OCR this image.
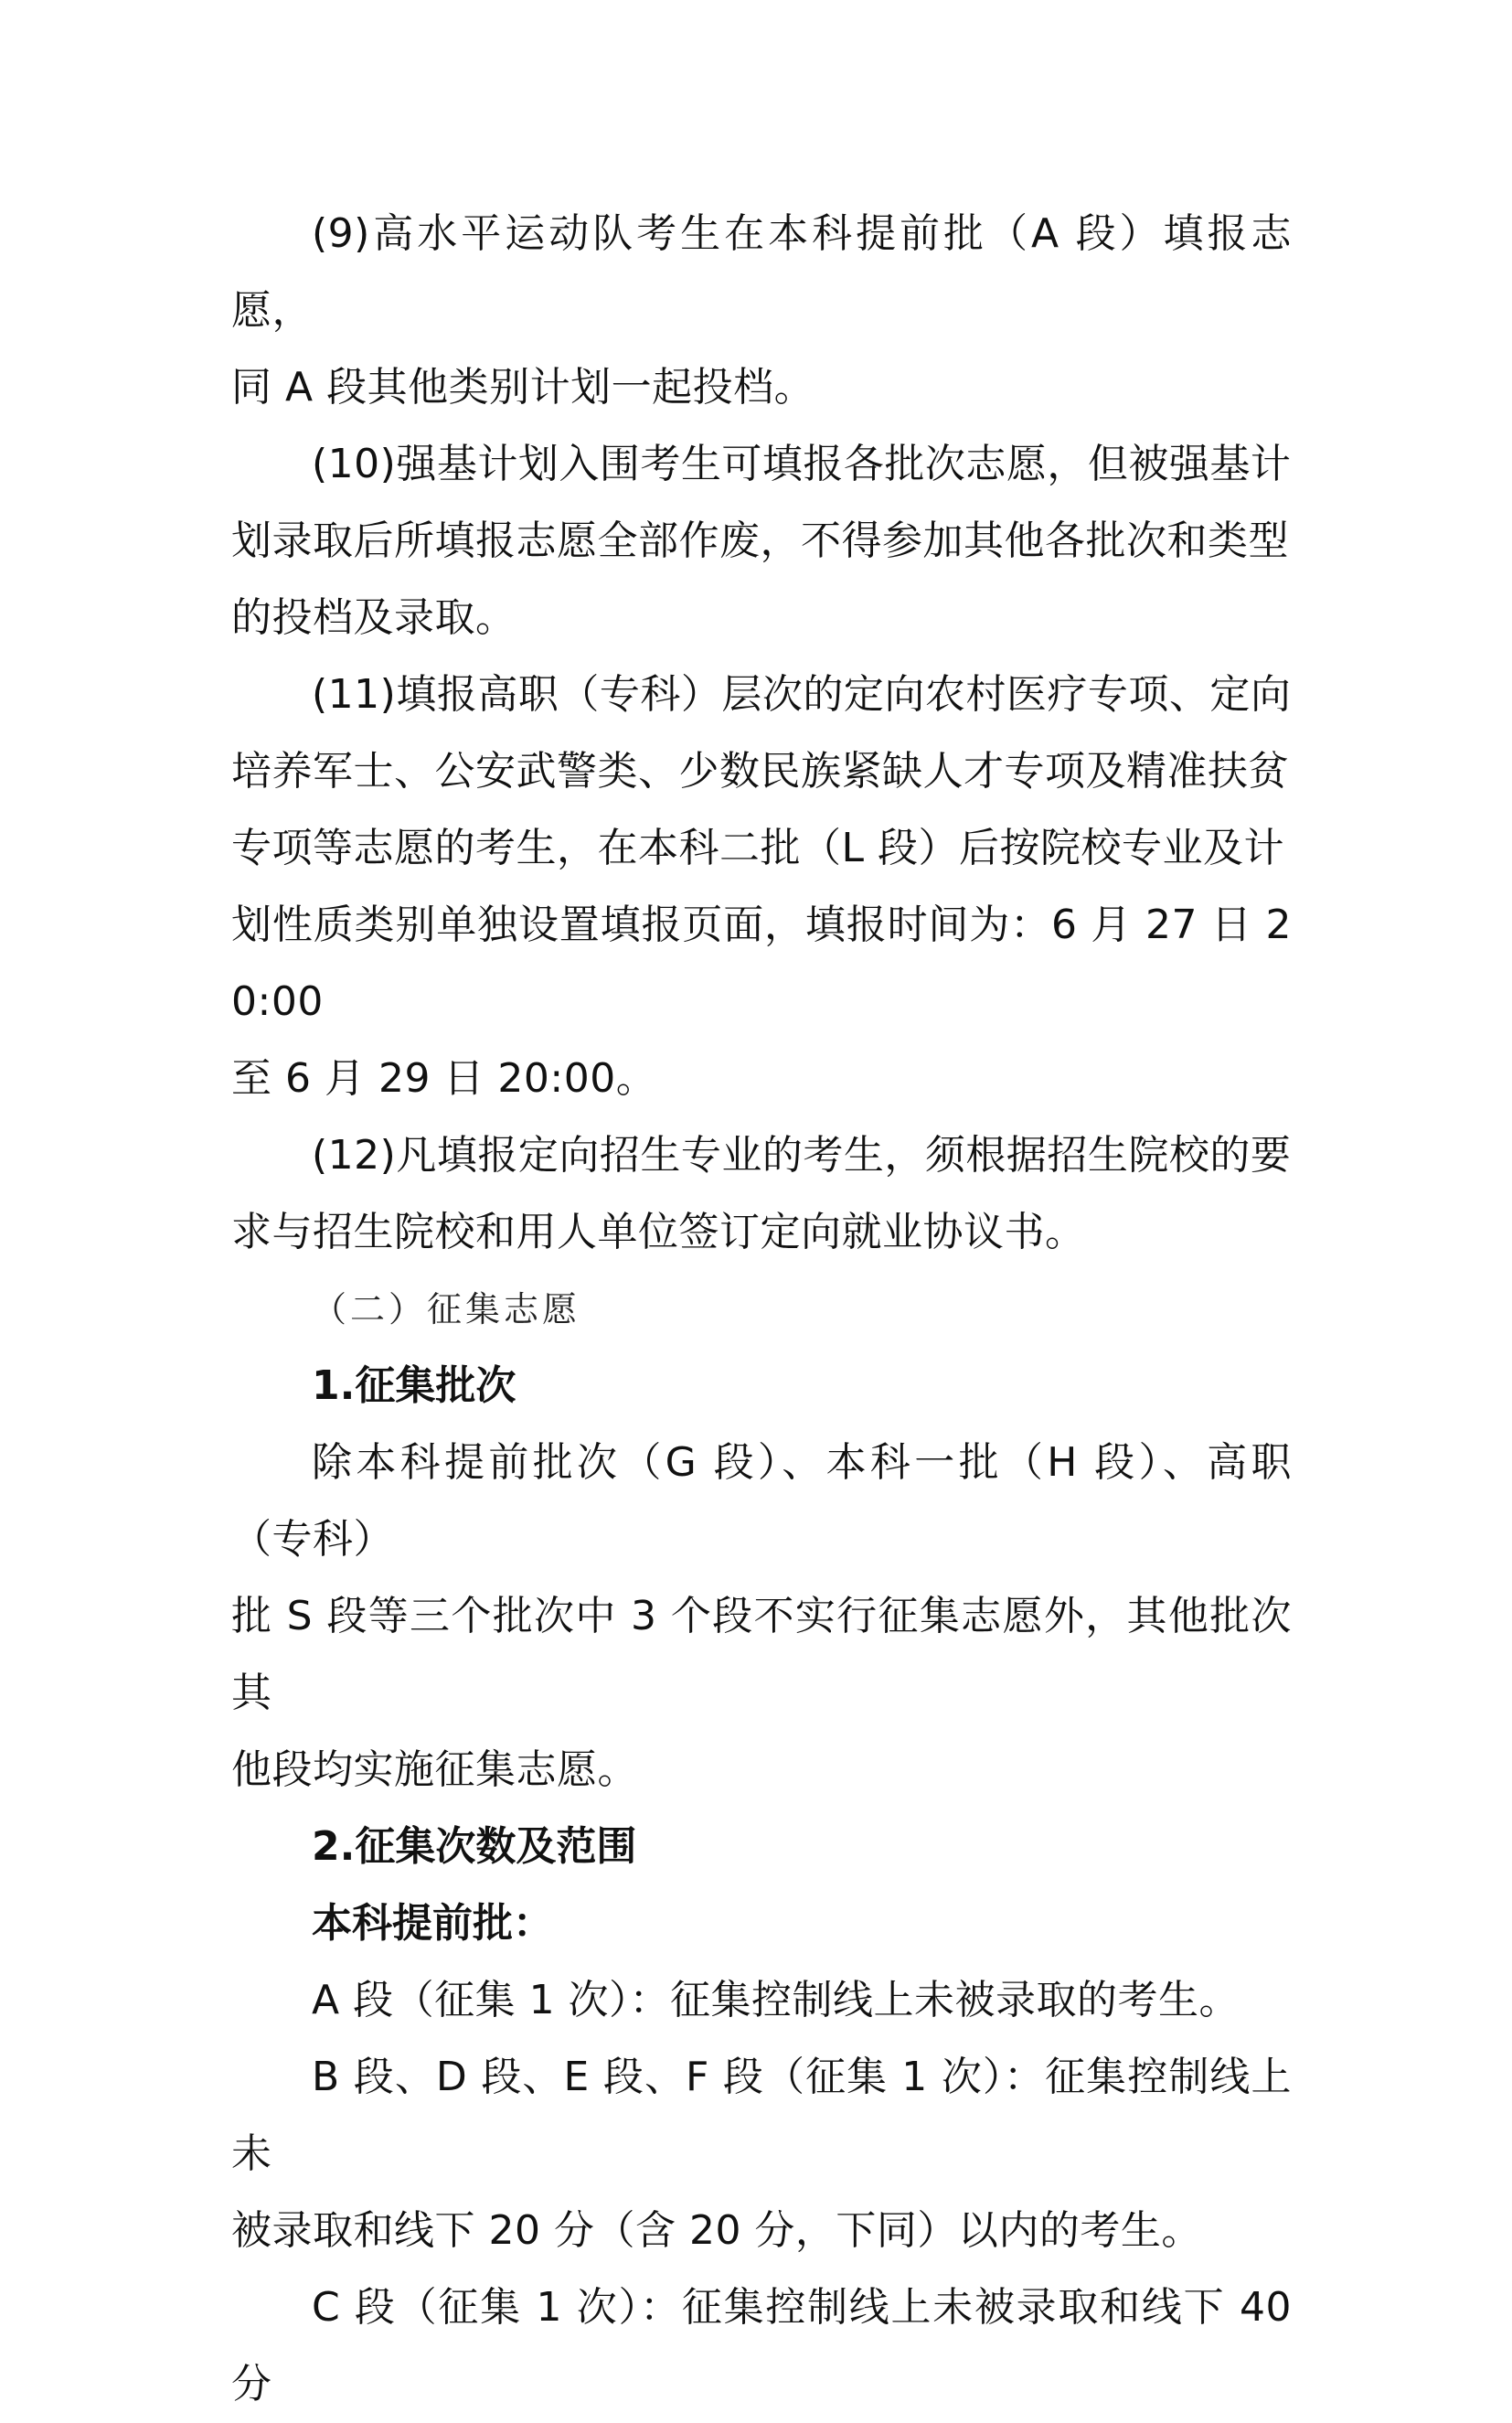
(9)高水平运动队考生在本科提前批（A 段）填报志愿，
同 A 段其他类别计划一起投档。

(10)强基计划入围考生可填报各批次志愿，但被强基计
划录取后所填报志愿全部作废，不得参加其他各批次和类型
的投档及录取。

(11)填报高职（专科）层次的定向农村医疗专项、定向
培养军士、公安武警类、少数民族紧缺人才专项及精准扶贫
专项等志愿的考生，在本科二批（L 段）后按院校专业及计
划性质类别单独设置填报页面，填报时间为：6 月 27 日 20:00
至 6 月 29 日 20:00。

(12)凡填报定向招生专业的考生，须根据招生院校的要
求与招生院校和用人单位签订定向就业协议书。

（二）征集志愿

1.征集批次

除本科提前批次（G 段）、本科一批（H 段）、高职（专科）
批 S 段等三个批次中 3 个段不实行征集志愿外，其他批次其
他段均实施征集志愿。

2.征集次数及范围

本科提前批：

A 段（征集 1 次）：征集控制线上未被录取的考生。

B 段、D 段、E 段、F 段（征集 1 次）：征集控制线上未
被录取和线下 20 分（含 20 分，下同）以内的考生。

C 段（征集 1 次）：征集控制线上未被录取和线下 40 分
